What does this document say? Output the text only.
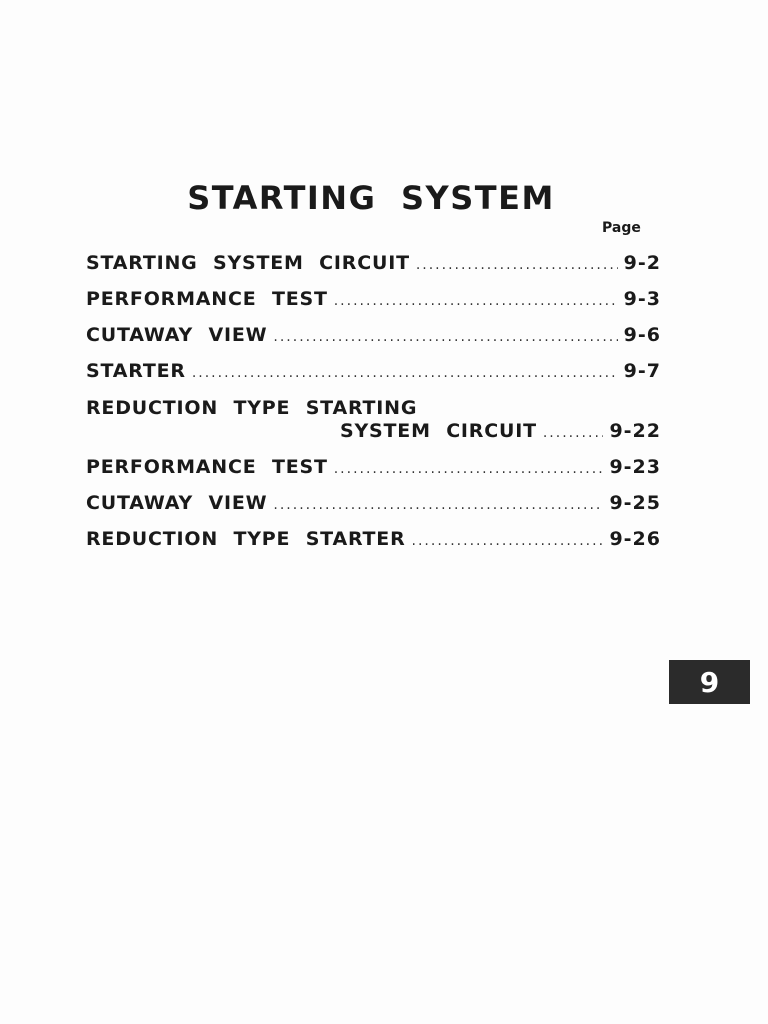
STARTING SYSTEM
Page
STARTING SYSTEM CIRCUIT .....	9-2
PERFORMANCE TEST .....	9-3
CUTAWAY VIEW .....	9-6
STARTER .....	9-7
REDUCTION TYPE STARTING
SYSTEM CIRCUIT .....	9-22
PERFORMANCE TEST .....	9-23
CUTAWAY VIEW .....	9-25
REDUCTION TYPE STARTER .....	9-26
9
